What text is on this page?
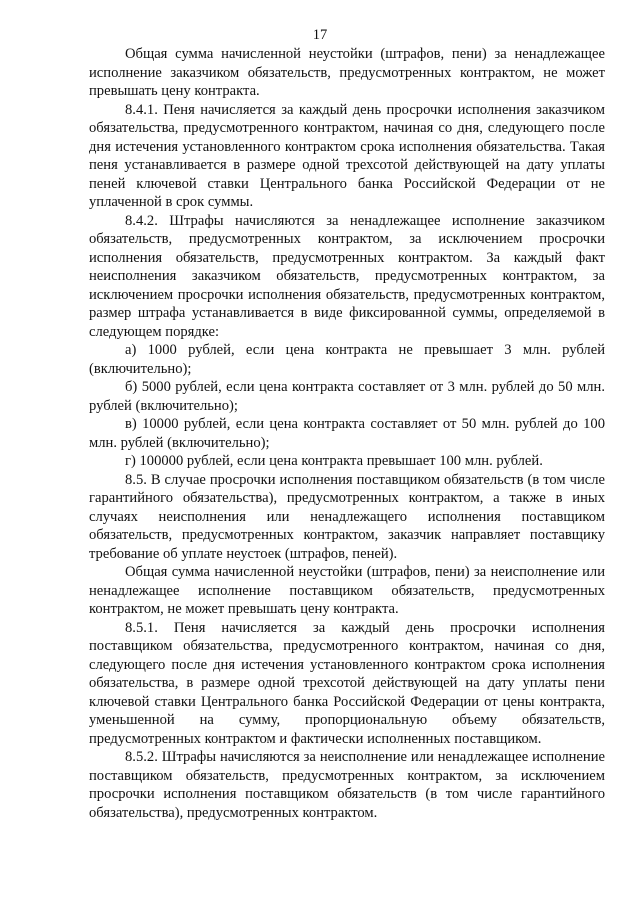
17

Общая сумма начисленной неустойки (штрафов, пени) за ненадлежащее исполнение заказчиком обязательств, предусмотренных контрактом, не может превышать цену контракта.

8.4.1. Пеня начисляется за каждый день просрочки исполнения заказчиком обязательства, предусмотренного контрактом, начиная со дня, следующего после дня истечения установленного контрактом срока исполнения обязательства. Такая пеня устанавливается в размере одной трехсотой действующей на дату уплаты пеней ключевой ставки Центрального банка Российской Федерации от не уплаченной в срок суммы.

8.4.2. Штрафы начисляются за ненадлежащее исполнение заказчиком обязательств, предусмотренных контрактом, за исключением просрочки исполнения обязательств, предусмотренных контрактом. За каждый факт неисполнения заказчиком обязательств, предусмотренных контрактом, за исключением просрочки исполнения обязательств, предусмотренных контрактом, размер штрафа устанавливается в виде фиксированной суммы, определяемой в следующем порядке:

а) 1000 рублей, если цена контракта не превышает 3 млн. рублей (включительно);

б) 5000 рублей, если цена контракта составляет от 3 млн. рублей до 50 млн. рублей (включительно);

в) 10000 рублей, если цена контракта составляет от 50 млн. рублей до 100 млн. рублей (включительно);

г) 100000 рублей, если цена контракта превышает 100 млн. рублей.

8.5. В случае просрочки исполнения поставщиком обязательств (в том числе гарантийного обязательства), предусмотренных контрактом, а также в иных случаях неисполнения или ненадлежащего исполнения поставщиком обязательств, предусмотренных контрактом, заказчик направляет поставщику требование об уплате неустоек (штрафов, пеней).

Общая сумма начисленной неустойки (штрафов, пени) за неисполнение или ненадлежащее исполнение поставщиком обязательств, предусмотренных контрактом, не может превышать цену контракта.

8.5.1. Пеня начисляется за каждый день просрочки исполнения поставщиком обязательства, предусмотренного контрактом, начиная со дня, следующего после дня истечения установленного контрактом срока исполнения обязательства, в размере одной трехсотой действующей на дату уплаты пени ключевой ставки Центрального банка Российской Федерации от цены контракта, уменьшенной на сумму, пропорциональную объему обязательств, предусмотренных контрактом и фактически исполненных поставщиком.

8.5.2. Штрафы начисляются за неисполнение или ненадлежащее исполнение поставщиком обязательств, предусмотренных контрактом, за исключением просрочки исполнения поставщиком обязательств (в том числе гарантийного обязательства), предусмотренных контрактом.
